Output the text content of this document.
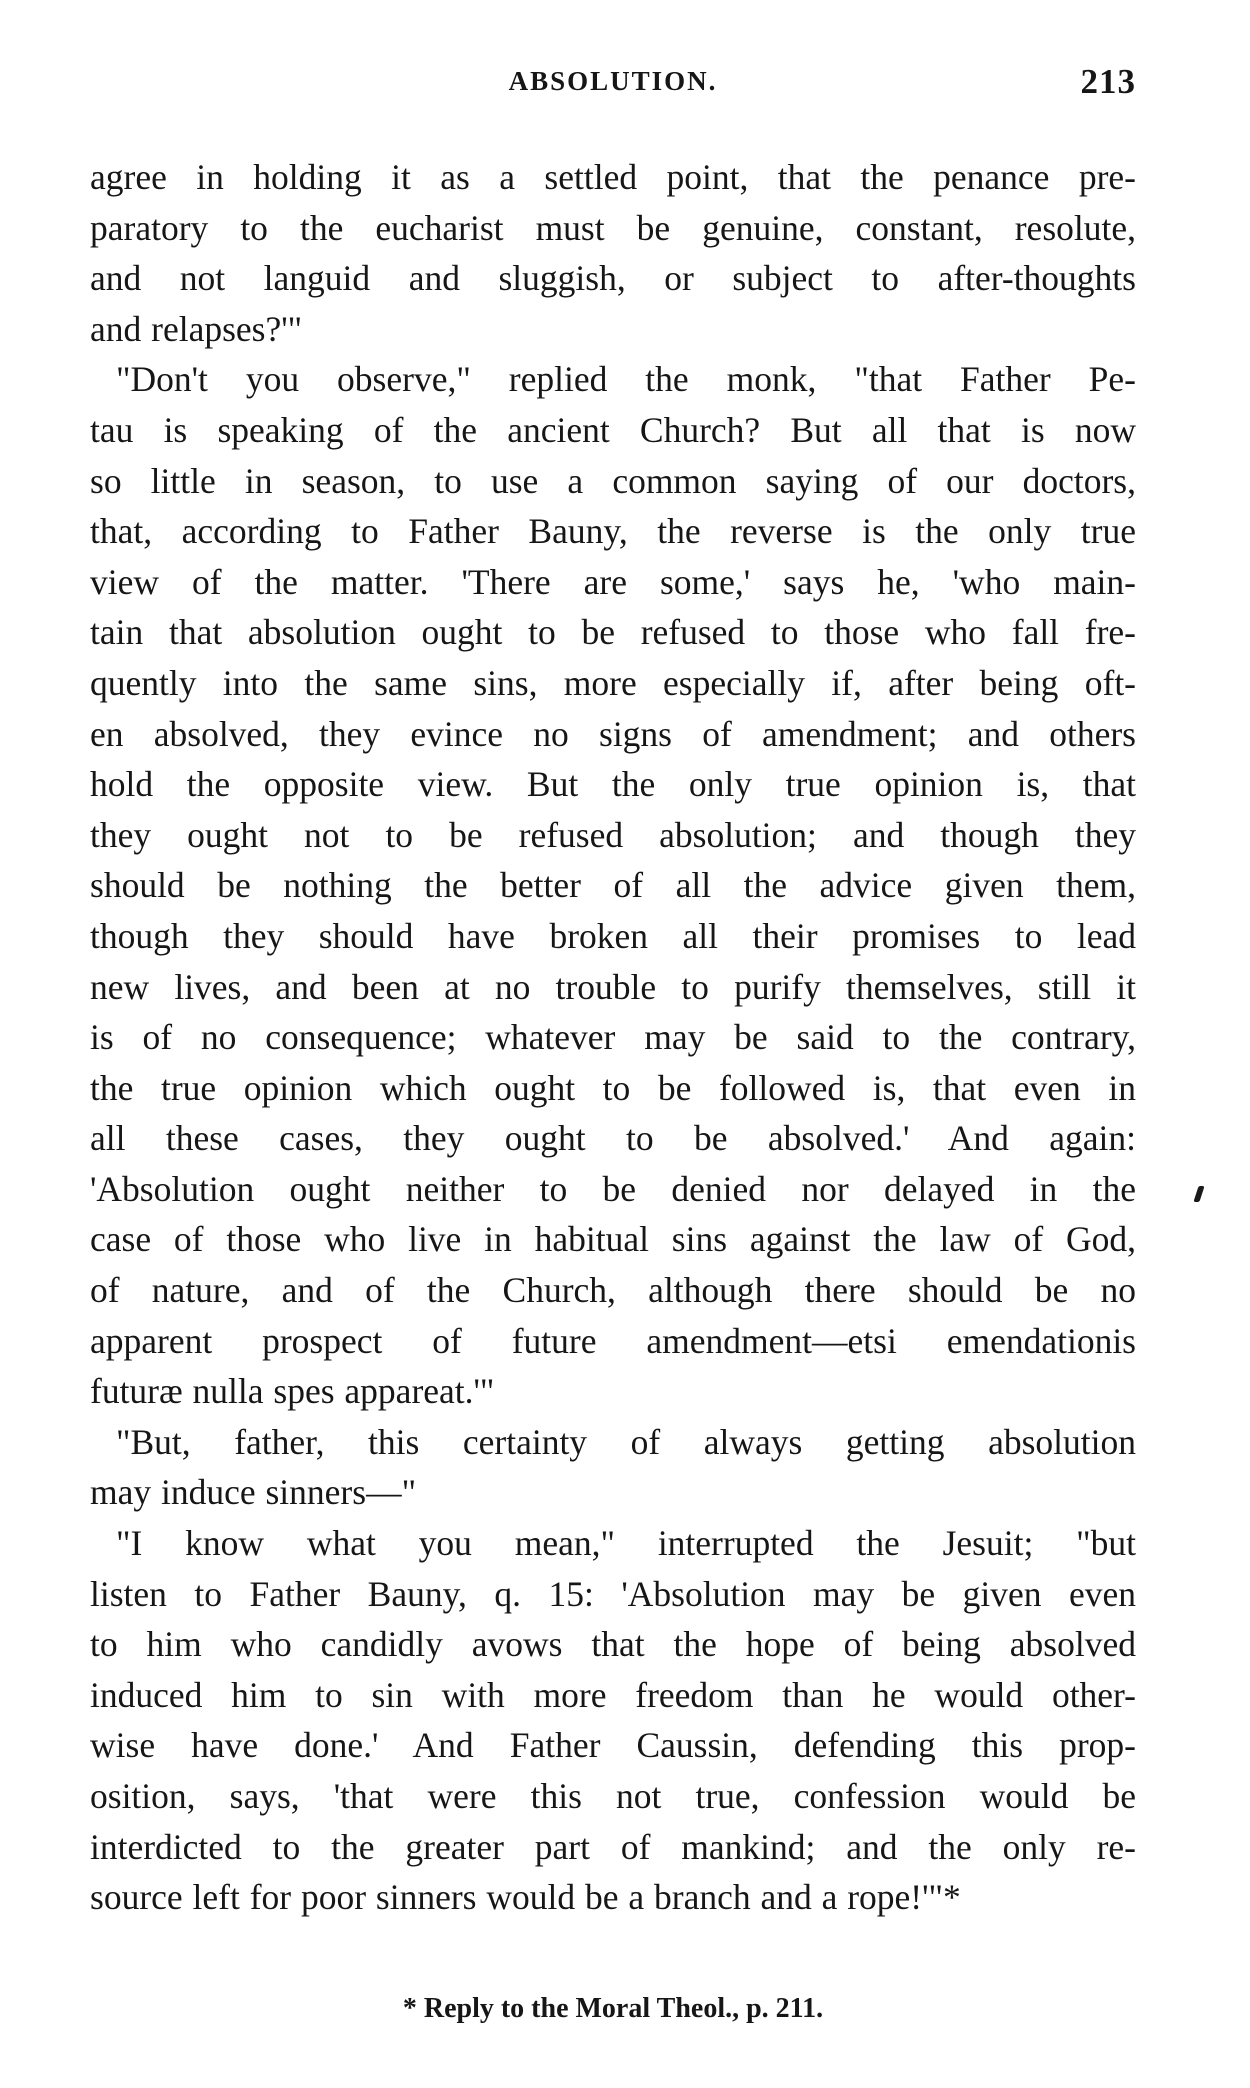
ABSOLUTION.	213
agree in holding it as a settled point, that the penance pre-
paratory to the eucharist must be genuine, constant, resolute,
and not languid and sluggish, or subject to after-thoughts
and relapses?'"
"Don't you observe," replied the monk, "that Father Pe-
tau is speaking of the ancient Church? But all that is now
so little in season, to use a common saying of our doctors,
that, according to Father Bauny, the reverse is the only true
view of the matter. 'There are some,' says he, 'who main-
tain that absolution ought to be refused to those who fall fre-
quently into the same sins, more especially if, after being oft-
en absolved, they evince no signs of amendment; and others
hold the opposite view. But the only true opinion is, that
they ought not to be refused absolution; and though they
should be nothing the better of all the advice given them,
though they should have broken all their promises to lead
new lives, and been at no trouble to purify themselves, still it
is of no consequence; whatever may be said to the contrary,
the true opinion which ought to be followed is, that even in
all these cases, they ought to be absolved.' And again:
'Absolution ought neither to be denied nor delayed in the
case of those who live in habitual sins against the law of God,
of nature, and of the Church, although there should be no
apparent prospect of future amendment—etsi emendationis
futuræ nulla spes appareat.'"
"But, father, this certainty of always getting absolution
may induce sinners—"
"I know what you mean," interrupted the Jesuit; "but
listen to Father Bauny, q. 15: 'Absolution may be given even
to him who candidly avows that the hope of being absolved
induced him to sin with more freedom than he would other-
wise have done.' And Father Caussin, defending this prop-
osition, says, 'that were this not true, confession would be
interdicted to the greater part of mankind; and the only re-
source left for poor sinners would be a branch and a rope!'"*
* Reply to the Moral Theol., p. 211.
